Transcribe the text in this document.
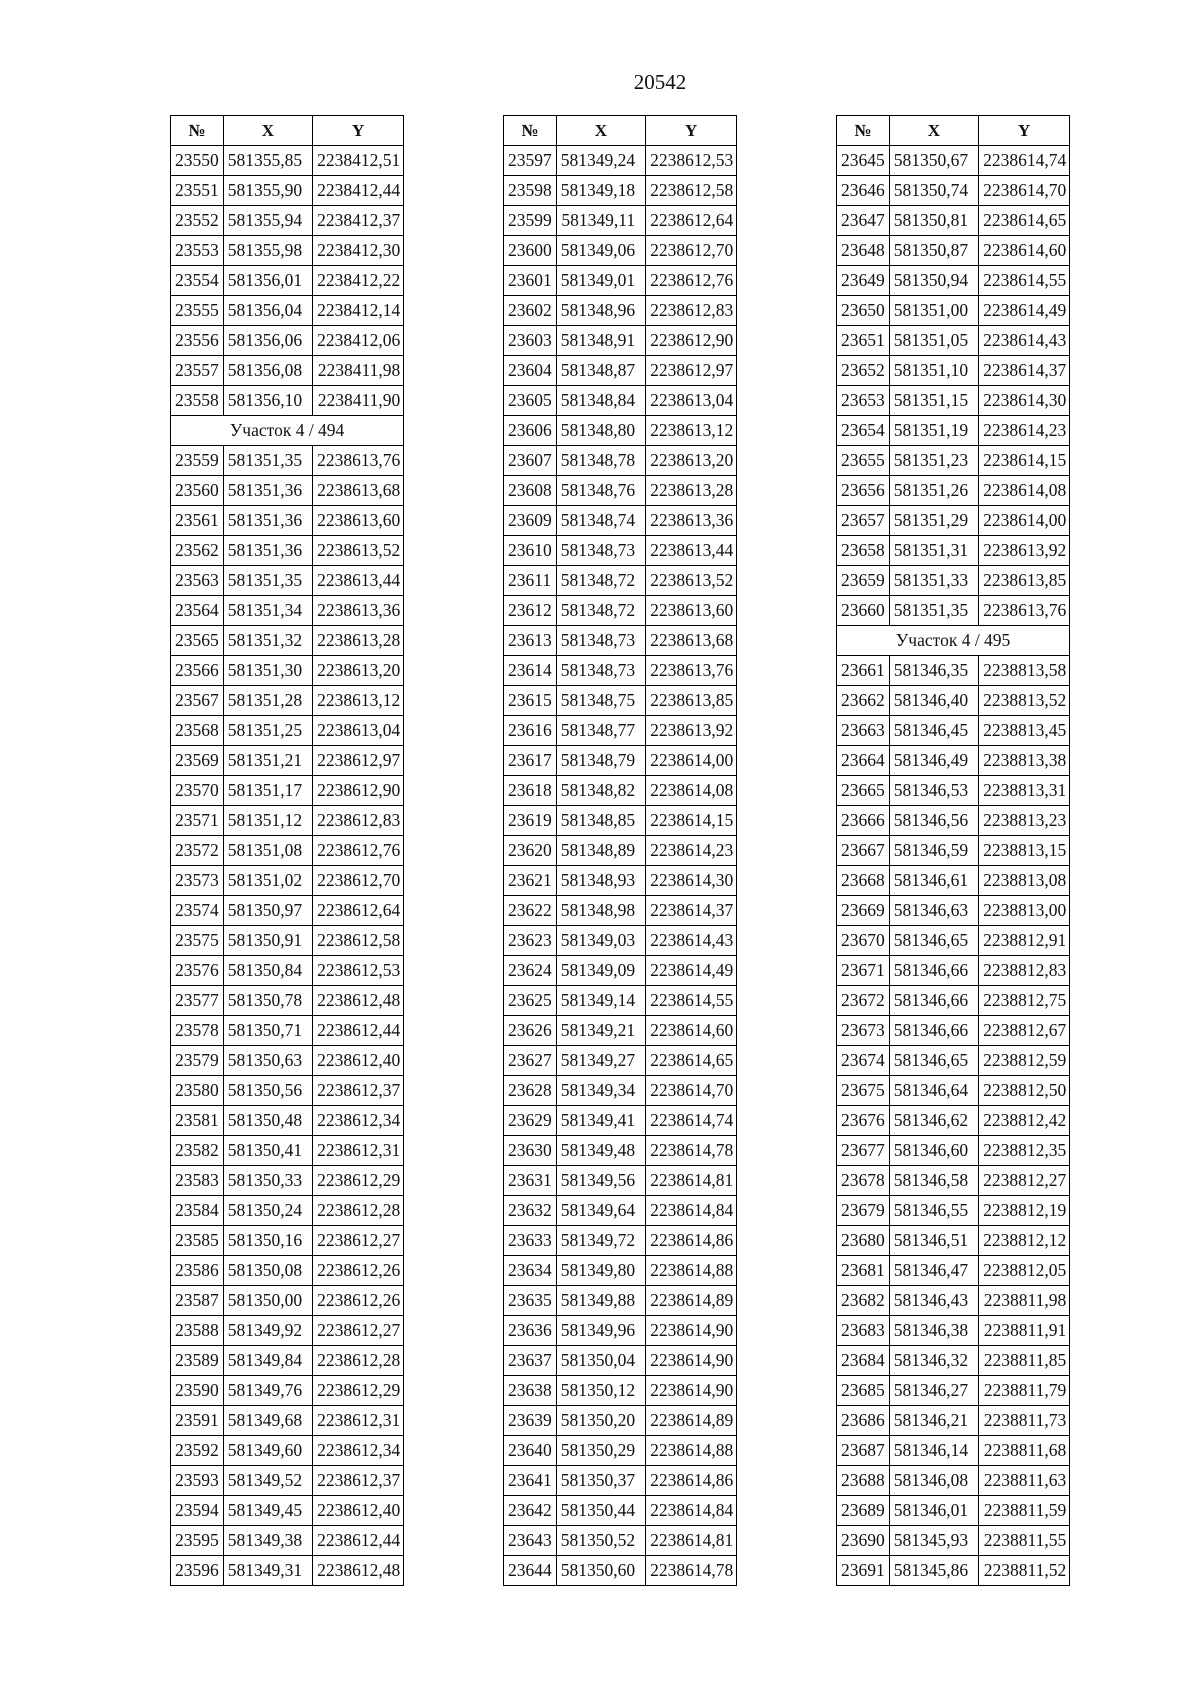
20542
№	X	Y
23550	581355,85	2238412,51
23551	581355,90	2238412,44
23552	581355,94	2238412,37
23553	581355,98	2238412,30
23554	581356,01	2238412,22
23555	581356,04	2238412,14
23556	581356,06	2238412,06
23557	581356,08	2238411,98
23558	581356,10	2238411,90
Участок 4 / 494		
23559	581351,35	2238613,76
23560	581351,36	2238613,68
23561	581351,36	2238613,60
23562	581351,36	2238613,52
23563	581351,35	2238613,44
23564	581351,34	2238613,36
23565	581351,32	2238613,28
23566	581351,30	2238613,20
23567	581351,28	2238613,12
23568	581351,25	2238613,04
23569	581351,21	2238612,97
23570	581351,17	2238612,90
23571	581351,12	2238612,83
23572	581351,08	2238612,76
23573	581351,02	2238612,70
23574	581350,97	2238612,64
23575	581350,91	2238612,58
23576	581350,84	2238612,53
23577	581350,78	2238612,48
23578	581350,71	2238612,44
23579	581350,63	2238612,40
23580	581350,56	2238612,37
23581	581350,48	2238612,34
23582	581350,41	2238612,31
23583	581350,33	2238612,29
23584	581350,24	2238612,28
23585	581350,16	2238612,27
23586	581350,08	2238612,26
23587	581350,00	2238612,26
23588	581349,92	2238612,27
23589	581349,84	2238612,28
23590	581349,76	2238612,29
23591	581349,68	2238612,31
23592	581349,60	2238612,34
23593	581349,52	2238612,37
23594	581349,45	2238612,40
23595	581349,38	2238612,44
23596	581349,31	2238612,48
№	X	Y
23597	581349,24	2238612,53
23598	581349,18	2238612,58
23599	581349,11	2238612,64
23600	581349,06	2238612,70
23601	581349,01	2238612,76
23602	581348,96	2238612,83
23603	581348,91	2238612,90
23604	581348,87	2238612,97
23605	581348,84	2238613,04
23606	581348,80	2238613,12
23607	581348,78	2238613,20
23608	581348,76	2238613,28
23609	581348,74	2238613,36
23610	581348,73	2238613,44
23611	581348,72	2238613,52
23612	581348,72	2238613,60
23613	581348,73	2238613,68
23614	581348,73	2238613,76
23615	581348,75	2238613,85
23616	581348,77	2238613,92
23617	581348,79	2238614,00
23618	581348,82	2238614,08
23619	581348,85	2238614,15
23620	581348,89	2238614,23
23621	581348,93	2238614,30
23622	581348,98	2238614,37
23623	581349,03	2238614,43
23624	581349,09	2238614,49
23625	581349,14	2238614,55
23626	581349,21	2238614,60
23627	581349,27	2238614,65
23628	581349,34	2238614,70
23629	581349,41	2238614,74
23630	581349,48	2238614,78
23631	581349,56	2238614,81
23632	581349,64	2238614,84
23633	581349,72	2238614,86
23634	581349,80	2238614,88
23635	581349,88	2238614,89
23636	581349,96	2238614,90
23637	581350,04	2238614,90
23638	581350,12	2238614,90
23639	581350,20	2238614,89
23640	581350,29	2238614,88
23641	581350,37	2238614,86
23642	581350,44	2238614,84
23643	581350,52	2238614,81
23644	581350,60	2238614,78
№	X	Y
23645	581350,67	2238614,74
23646	581350,74	2238614,70
23647	581350,81	2238614,65
23648	581350,87	2238614,60
23649	581350,94	2238614,55
23650	581351,00	2238614,49
23651	581351,05	2238614,43
23652	581351,10	2238614,37
23653	581351,15	2238614,30
23654	581351,19	2238614,23
23655	581351,23	2238614,15
23656	581351,26	2238614,08
23657	581351,29	2238614,00
23658	581351,31	2238613,92
23659	581351,33	2238613,85
23660	581351,35	2238613,76
Участок 4 / 495		
23661	581346,35	2238813,58
23662	581346,40	2238813,52
23663	581346,45	2238813,45
23664	581346,49	2238813,38
23665	581346,53	2238813,31
23666	581346,56	2238813,23
23667	581346,59	2238813,15
23668	581346,61	2238813,08
23669	581346,63	2238813,00
23670	581346,65	2238812,91
23671	581346,66	2238812,83
23672	581346,66	2238812,75
23673	581346,66	2238812,67
23674	581346,65	2238812,59
23675	581346,64	2238812,50
23676	581346,62	2238812,42
23677	581346,60	2238812,35
23678	581346,58	2238812,27
23679	581346,55	2238812,19
23680	581346,51	2238812,12
23681	581346,47	2238812,05
23682	581346,43	2238811,98
23683	581346,38	2238811,91
23684	581346,32	2238811,85
23685	581346,27	2238811,79
23686	581346,21	2238811,73
23687	581346,14	2238811,68
23688	581346,08	2238811,63
23689	581346,01	2238811,59
23690	581345,93	2238811,55
23691	581345,86	2238811,52
